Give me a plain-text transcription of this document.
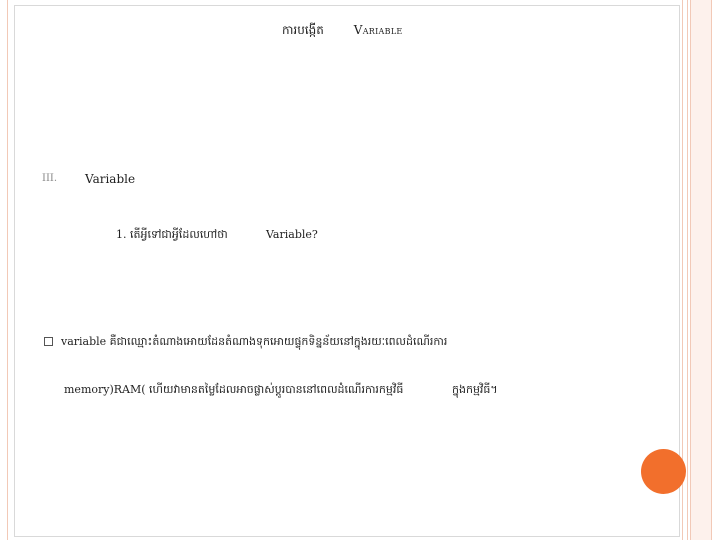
ការបង្កើត Variable
III. Variable
1. តើអ្វីទៅជាអ្វីដែលហៅថា	Variable?
variable គឺជាឈ្មោះតំណាងអោយដែនតំណាងទុកអោយផ្ទុកទិន្នន័យនៅក្នុងរយៈពេលដំណើរការ
memory)RAM( ហើយវាមានតម្លៃដែលអាចផ្លាស់ប្តូរបាននៅពេលដំណើរការកម្មវិធី	ក្នុងកម្មវិធី។
